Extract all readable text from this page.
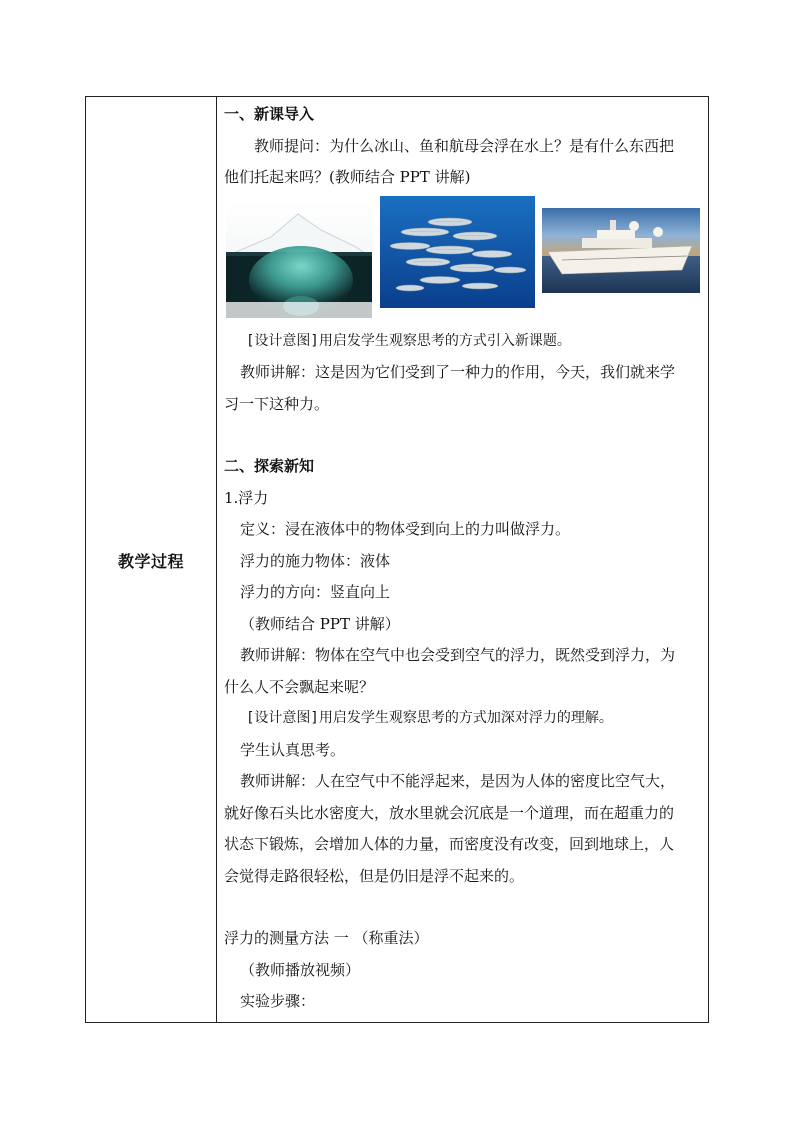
教学过程
一、新课导入
教师提问：为什么冰山、鱼和航母会浮在水上？是有什么东西把
他们托起来吗？(教师结合 PPT 讲解)
[设计意图]用启发学生观察思考的方式引入新课题。
教师讲解：这是因为它们受到了一种力的作用，今天，我们就来学
习一下这种力。
二、探索新知
1.浮力
定义：浸在液体中的物体受到向上的力叫做浮力。
浮力的施力物体：液体
浮力的方向：竖直向上
（教师结合 PPT 讲解）
教师讲解：物体在空气中也会受到空气的浮力，既然受到浮力，为
什么人不会飘起来呢？
[设计意图]用启发学生观察思考的方式加深对浮力的理解。
学生认真思考。
教师讲解：人在空气中不能浮起来，是因为人体的密度比空气大，
就好像石头比水密度大，放水里就会沉底是一个道理，而在超重力的
状态下锻炼，会增加人体的力量，而密度没有改变，回到地球上，人
会觉得走路很轻松，但是仍旧是浮不起来的。
浮力的测量方法 一 （称重法）
（教师播放视频）
实验步骤：
